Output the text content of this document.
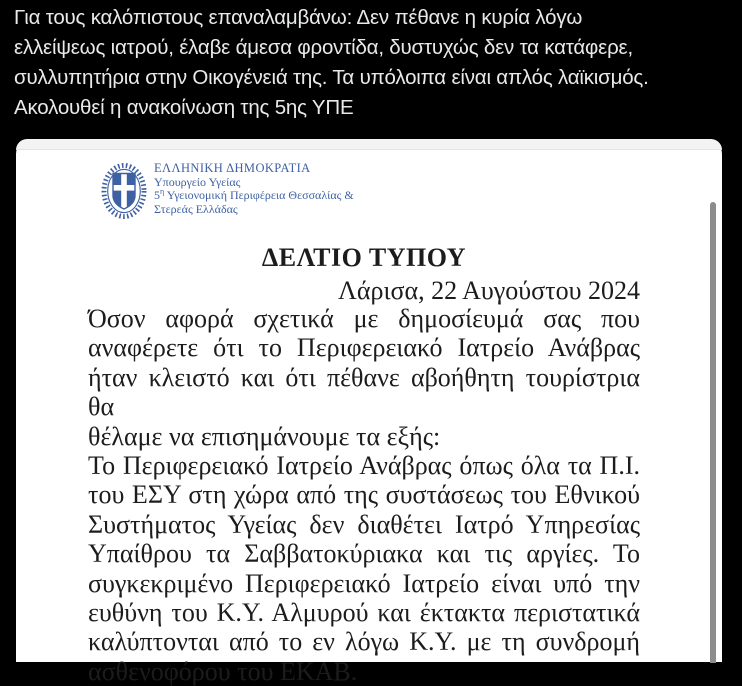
Για τους καλόπιστους επαναλαμβάνω: Δεν πέθανε η κυρία λόγω
ελλείψεως ιατρού, έλαβε άμεσα φροντίδα, δυστυχώς δεν τα κατάφερε,
συλλυπητήρια στην Οικογένειά της. Τα υπόλοιπα είναι απλός λαϊκισμός.
Ακολουθεί η ανακοίνωση της 5ης ΥΠΕ
ΕΛΛΗΝΙΚΗ ΔΗΜΟΚΡΑΤΙΑ
Υπουργείο Υγείας
$5^\eta$ Υγειονομική Περιφέρεια Θεσσαλίας &
Στερεάς Ελλάδας
ΔΕΛΤΙΟ ΤΥΠΟΥ
Λάρισα, 22 Αυγούστου 2024
Όσον αφορά σχετικά με δημοσίευμά σας που
αναφέρετε ότι το Περιφερειακό Ιατρείο Ανάβρας
ήταν κλειστό και ότι πέθανε αβοήθητη τουρίστρια θα
θέλαμε να επισημάνουμε τα εξής:
Το Περιφερειακό Ιατρείο Ανάβρας όπως όλα τα Π.Ι.
του ΕΣΥ στη χώρα από της συστάσεως του Εθνικού
Συστήματος Υγείας δεν διαθέτει Ιατρό Υπηρεσίας
Υπαίθρου τα Σαββατοκύριακα και τις αργίες. Το
συγκεκριμένο Περιφερειακό Ιατρείο είναι υπό την
ευθύνη του Κ.Υ. Αλμυρού και έκτακτα περιστατικά
καλύπτονται από το εν λόγω Κ.Υ. με τη συνδρομή
ασθενοφόρου του ΕΚΑΒ.
